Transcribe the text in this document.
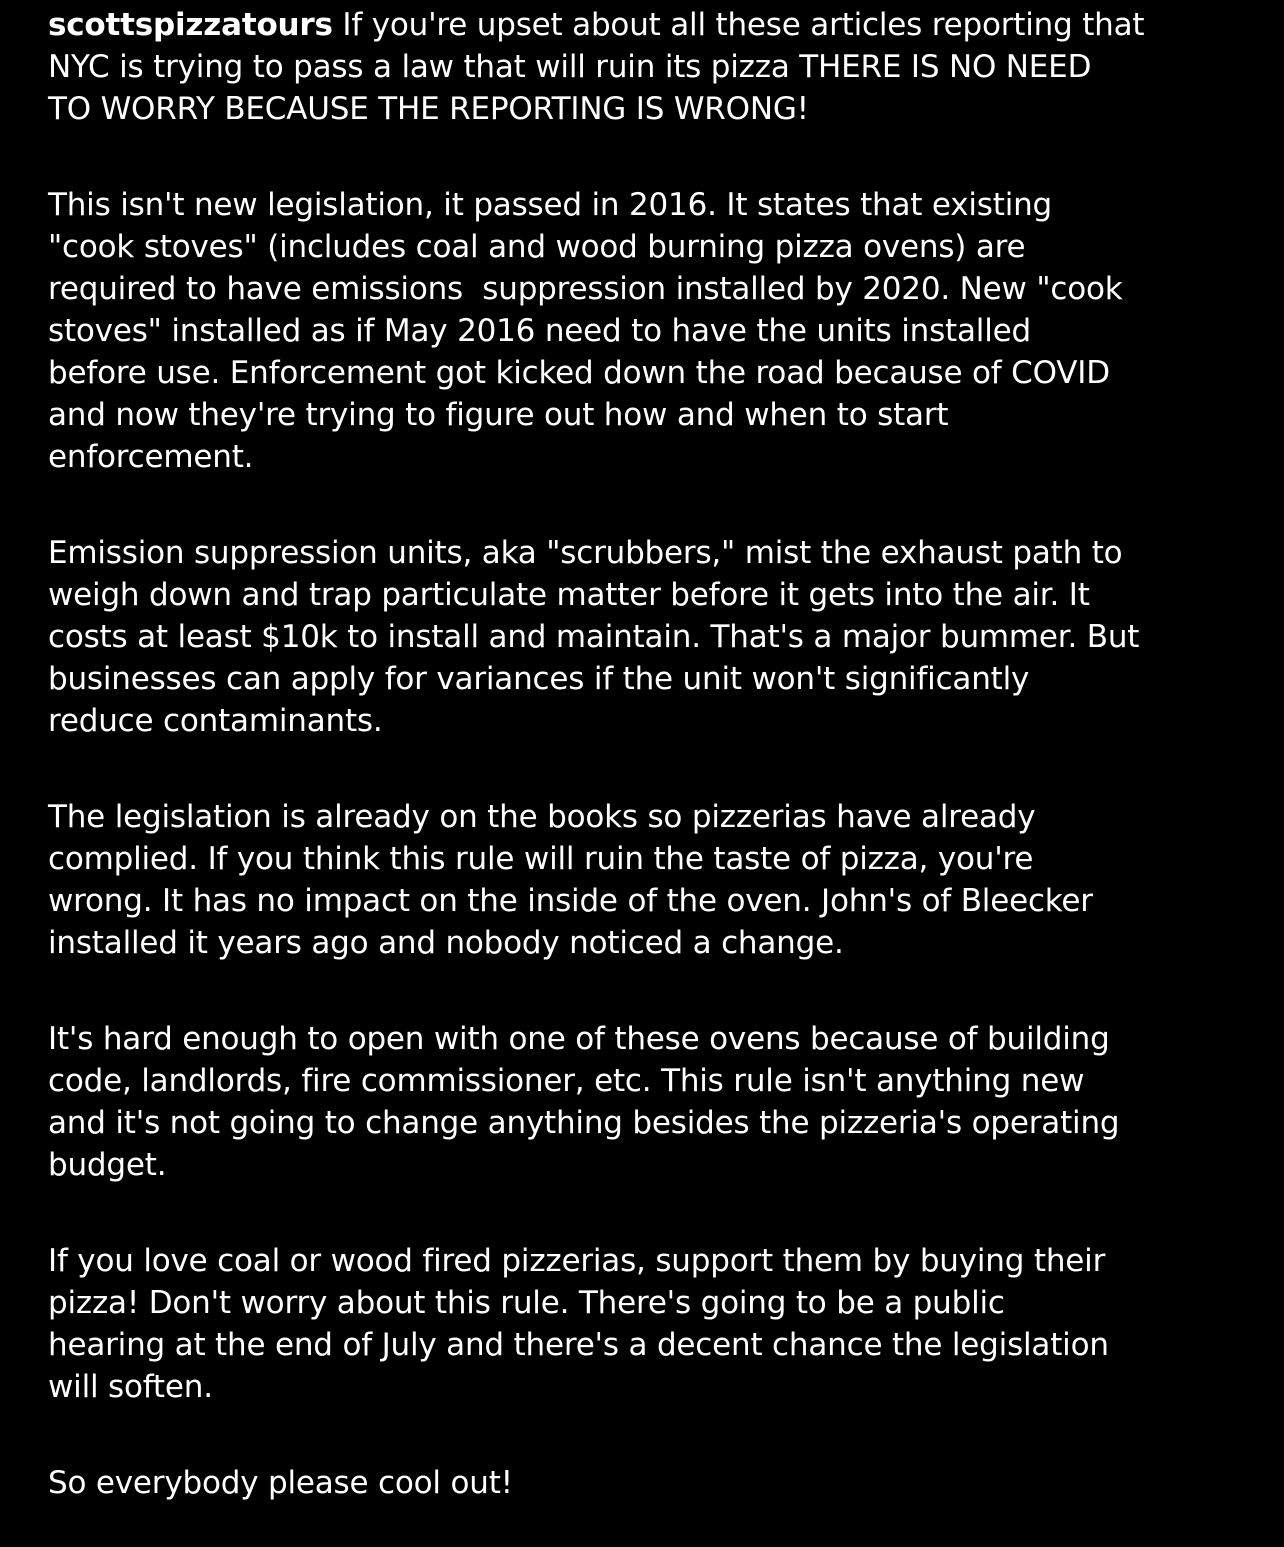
scottspizzatours If you're upset about all these articles reporting that
NYC is trying to pass a law that will ruin its pizza THERE IS NO NEED
TO WORRY BECAUSE THE REPORTING IS WRONG!

This isn't new legislation, it passed in 2016. It states that existing
"cook stoves" (includes coal and wood burning pizza ovens) are
required to have emissions  suppression installed by 2020. New "cook
stoves" installed as if May 2016 need to have the units installed
before use. Enforcement got kicked down the road because of COVID
and now they're trying to figure out how and when to start
enforcement.

Emission suppression units, aka "scrubbers," mist the exhaust path to
weigh down and trap particulate matter before it gets into the air. It
costs at least $10k to install and maintain. That's a major bummer. But
businesses can apply for variances if the unit won't significantly
reduce contaminants.

The legislation is already on the books so pizzerias have already
complied. If you think this rule will ruin the taste of pizza, you're
wrong. It has no impact on the inside of the oven. John's of Bleecker
installed it years ago and nobody noticed a change.

It's hard enough to open with one of these ovens because of building
code, landlords, fire commissioner, etc. This rule isn't anything new
and it's not going to change anything besides the pizzeria's operating
budget.

If you love coal or wood fired pizzerias, support them by buying their
pizza! Don't worry about this rule. There's going to be a public
hearing at the end of July and there's a decent chance the legislation
will soften.

So everybody please cool out!
